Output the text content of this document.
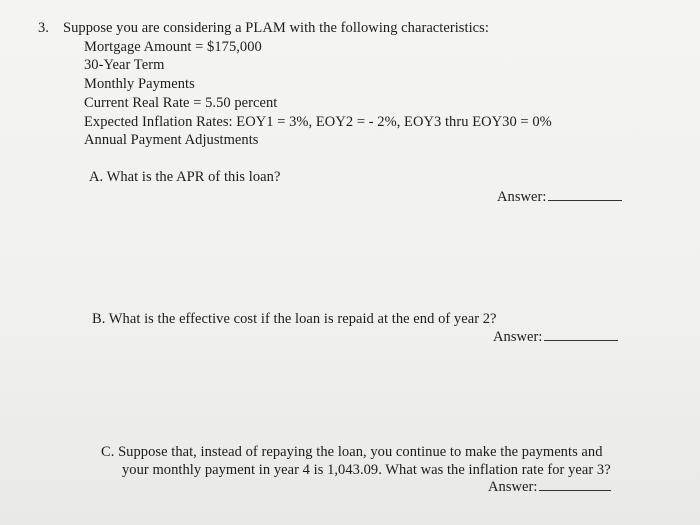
3. Suppose you are considering a PLAM with the following characteristics:
Mortgage Amount = $175,000
30-Year Term
Monthly Payments
Current Real Rate = 5.50 percent
Expected Inflation Rates: EOY1 = 3%, EOY2 = - 2%, EOY3 thru EOY30 = 0%
Annual Payment Adjustments
A. What is the APR of this loan?
Answer:
B. What is the effective cost if the loan is repaid at the end of year 2?
Answer:
C. Suppose that, instead of repaying the loan, you continue to make the payments and
your monthly payment in year 4 is 1,043.09. What was the inflation rate for year 3?
Answer:
